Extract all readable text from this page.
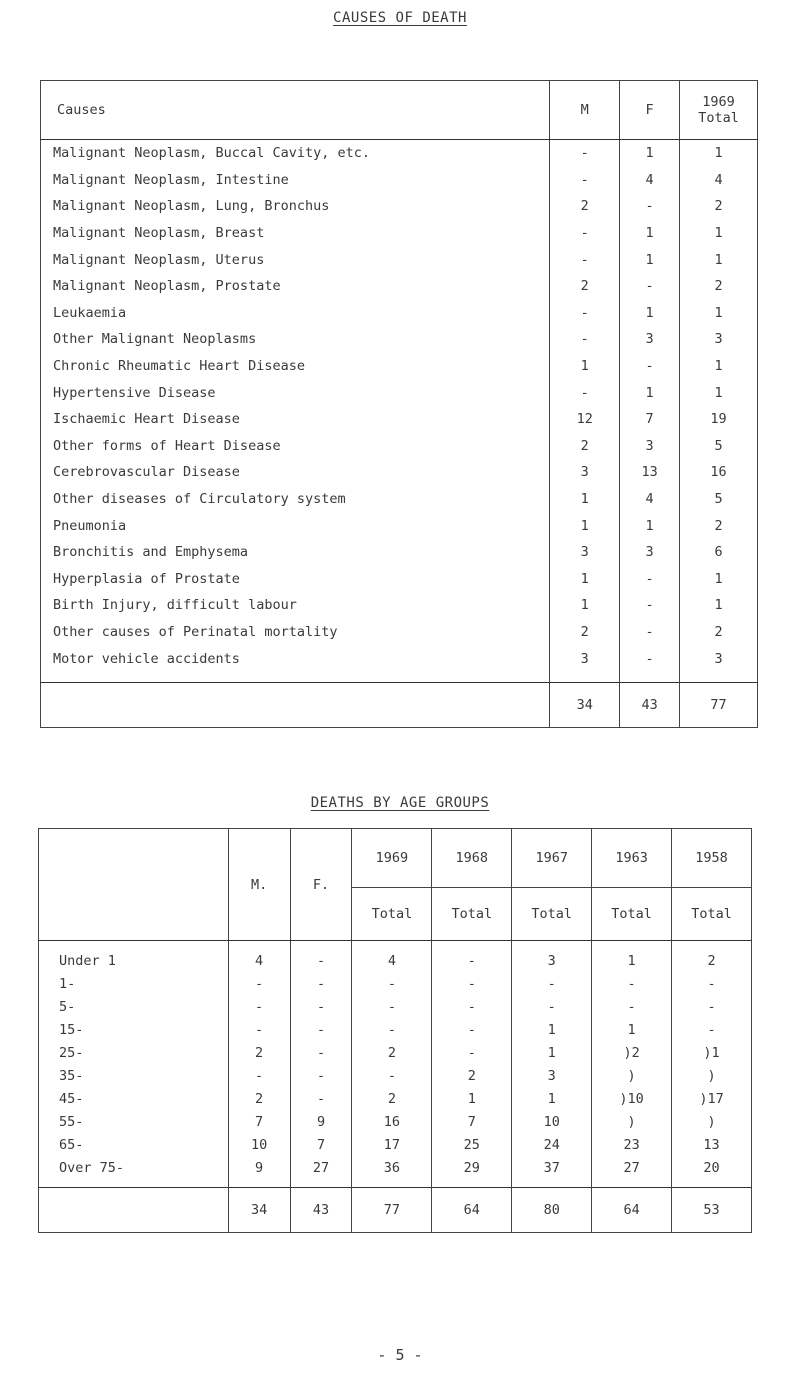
CAUSES OF DEATH
Causes	M	F	1969
Total

Malignant Neoplasm, Buccal Cavity, etc.	-	1	1
Malignant Neoplasm, Intestine	-	4	4
Malignant Neoplasm, Lung, Bronchus	2	-	2
Malignant Neoplasm, Breast	-	1	1
Malignant Neoplasm, Uterus	-	1	1
Malignant Neoplasm, Prostate	2	-	2
Leukaemia	-	1	1
Other Malignant Neoplasms	-	3	3
Chronic Rheumatic Heart Disease	1	-	1
Hypertensive Disease	-	1	1
Ischaemic Heart Disease	12	7	19
Other forms of Heart Disease	2	3	5
Cerebrovascular Disease	3	13	16
Other diseases of Circulatory system	1	4	5
Pneumonia	1	1	2
Bronchitis and Emphysema	3	3	6
Hyperplasia of Prostate	1	-	1
Birth Injury, difficult labour	1	-	1
Other causes of Perinatal mortality	2	-	2
Motor vehicle accidents	3	-	3

	34	43	77
DEATHS BY AGE GROUPS
	M.	F.	1969	1968	1967	1963	1958
			Total	Total	Total	Total	Total
Under 1	4	-	4	-	3	1	2
1-	-	-	-	-	-	-	-
5-	-	-	-	-	-	-	-
15-	-	-	-	-	1	1	-
25-	2	-	2	-	1	)2	)1
35-	-	-	-	2	3	)	)
45-	2	-	2	1	1	)10	)17
55-	7	9	16	7	10	)	)
65-	10	7	17	25	24	23	13
Over 75-	9	27	36	29	37	27	20

	34	43	77	64	80	64	53
- 5 -
